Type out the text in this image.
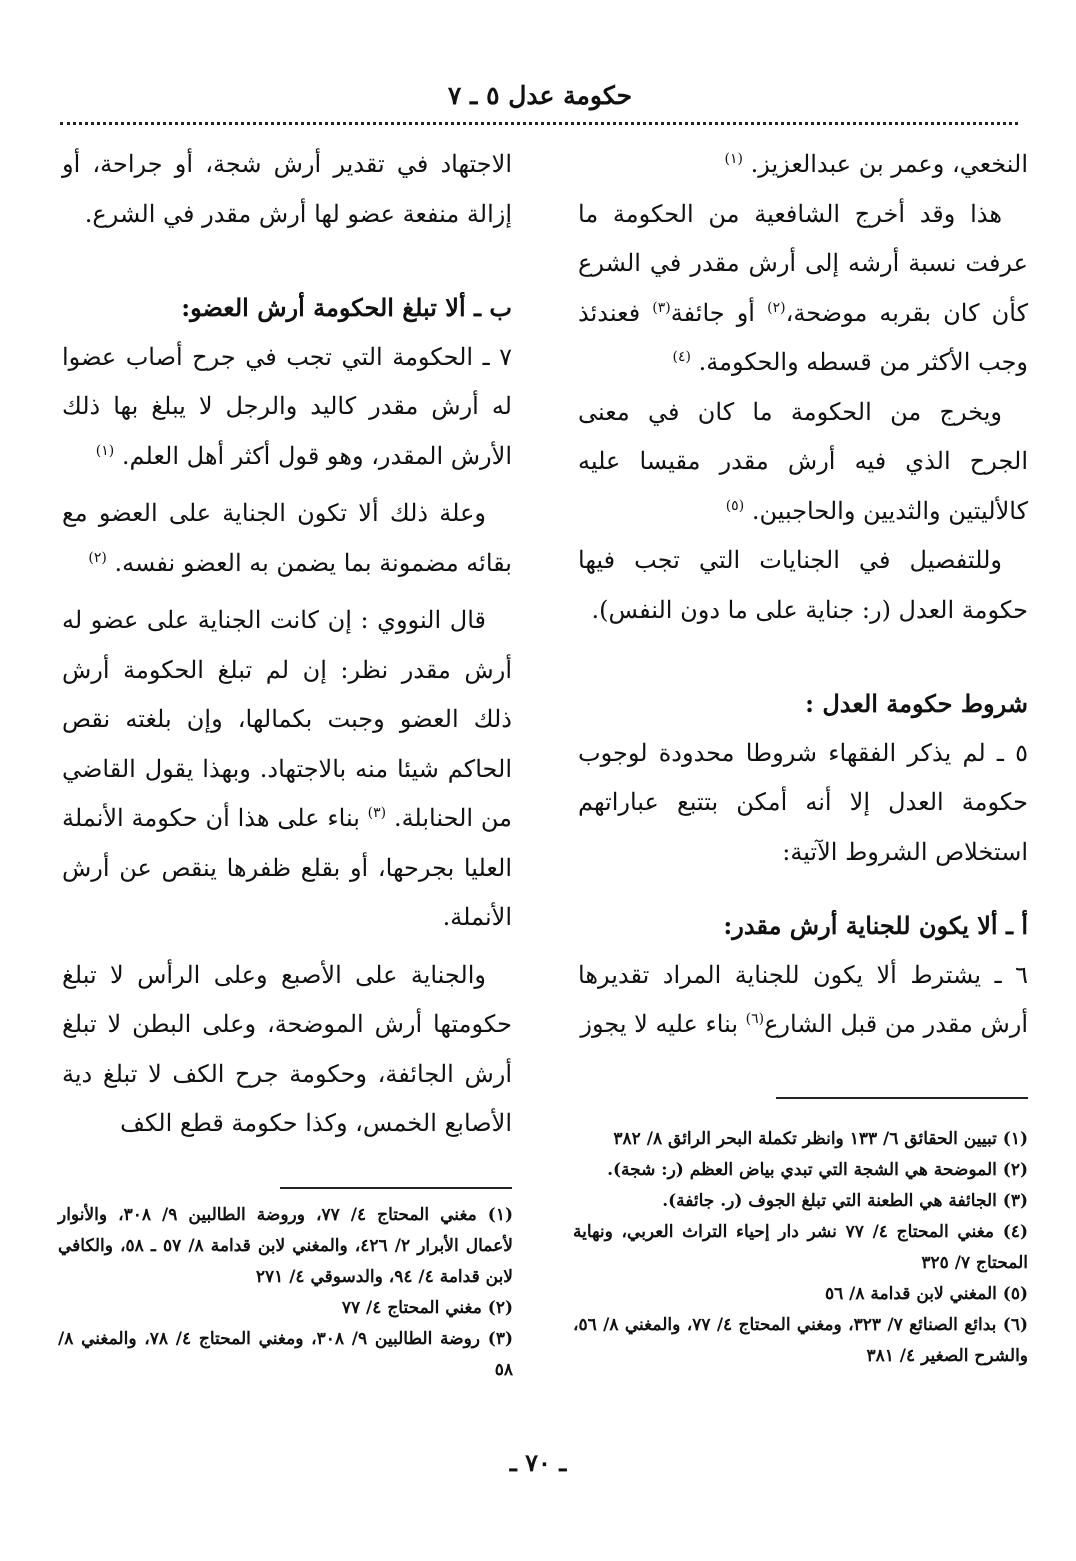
حكومة عدل ٥ ـ ٧

النخعي، وعمر بن عبدالعزيز. $^{(١)}$

هذا وقد أخرج الشافعية من الحكومة ما عرفت نسبة أرشه إلى أرش مقدر في الشرع كأن كان بقربه موضحة،$^{(٢)}$ أو جائفة$^{(٣)}$ فعندئذ وجب الأكثر من قسطه والحكومة. $^{(٤)}$

ويخرج من الحكومة ما كان في معنى الجرح الذي فيه أرش مقدر مقيسا عليه كالأليتين والثديين والحاجبين. $^{(٥)}$

وللتفصيل في الجنايات التي تجب فيها حكومة العدل (ر: جناية على ما دون النفس).

شروط حكومة العدل :

٥ ـ لم يذكر الفقهاء شروطا محدودة لوجوب حكومة العدل إلا أنه أمكن بتتبع عباراتهم استخلاص الشروط الآتية:

أ ـ ألا يكون للجناية أرش مقدر:

٦ ـ يشترط ألا يكون للجناية المراد تقديرها أرش مقدر من قبل الشارع$^{(٦)}$ بناء عليه لا يجوز

الاجتهاد في تقدير أرش شجة، أو جراحة، أو إزالة منفعة عضو لها أرش مقدر في الشرع.

ب ـ ألا تبلغ الحكومة أرش العضو:

٧ ـ الحكومة التي تجب في جرح أصاب عضوا له أرش مقدر كاليد والرجل لا يبلغ بها ذلك الأرش المقدر، وهو قول أكثر أهل العلم. $^{(١)}$

وعلة ذلك ألا تكون الجناية على العضو مع بقائه مضمونة بما يضمن به العضو نفسه. $^{(٢)}$

قال النووي : إن كانت الجناية على عضو له أرش مقدر نظر: إن لم تبلغ الحكومة أرش ذلك العضو وجبت بكمالها، وإن بلغته نقص الحاكم شيئا منه بالاجتهاد. وبهذا يقول القاضي من الحنابلة. $^{(٣)}$ بناء على هذا أن حكومة الأنملة العليا بجرحها، أو بقلع ظفرها ينقص عن أرش الأنملة.

والجناية على الأصبع وعلى الرأس لا تبلغ حكومتها أرش الموضحة، وعلى البطن لا تبلغ أرش الجائفة، وحكومة جرح الكف لا تبلغ دية الأصابع الخمس، وكذا حكومة قطع الكف

(١) تبيين الحقائق ٦/ ١٣٣ وانظر تكملة البحر الرائق ٨/ ٣٨٢

(٢) الموضحة هي الشجة التي تبدي بياض العظم (ر: شجة).

(٣) الجائفة هي الطعنة التي تبلغ الجوف (ر. جائفة).

(٤) مغني المحتاج ٤/ ٧٧ نشر دار إحياء التراث العربي، ونهاية المحتاج ٧/ ٣٢٥

(٥) المغني لابن قدامة ٨/ ٥٦

(٦) بدائع الصنائع ٧/ ٣٢٣، ومغني المحتاج ٤/ ٧٧، والمغني ٨/ ٥٦، والشرح الصغير ٤/ ٣٨١

(١) مغني المحتاج ٤/ ٧٧، وروضة الطالبين ٩/ ٣٠٨، والأنوار لأعمال الأبرار ٢/ ٤٢٦، والمغني لابن قدامة ٨/ ٥٧ ـ ٥٨، والكافي لابن قدامة ٤/ ٩٤، والدسوقي ٤/ ٢٧١

(٢) مغني المحتاج ٤/ ٧٧

(٣) روضة الطالبين ٩/ ٣٠٨، ومغني المحتاج ٤/ ٧٨، والمغني ٨/ ٥٨

ـ ٧٠ ـ
